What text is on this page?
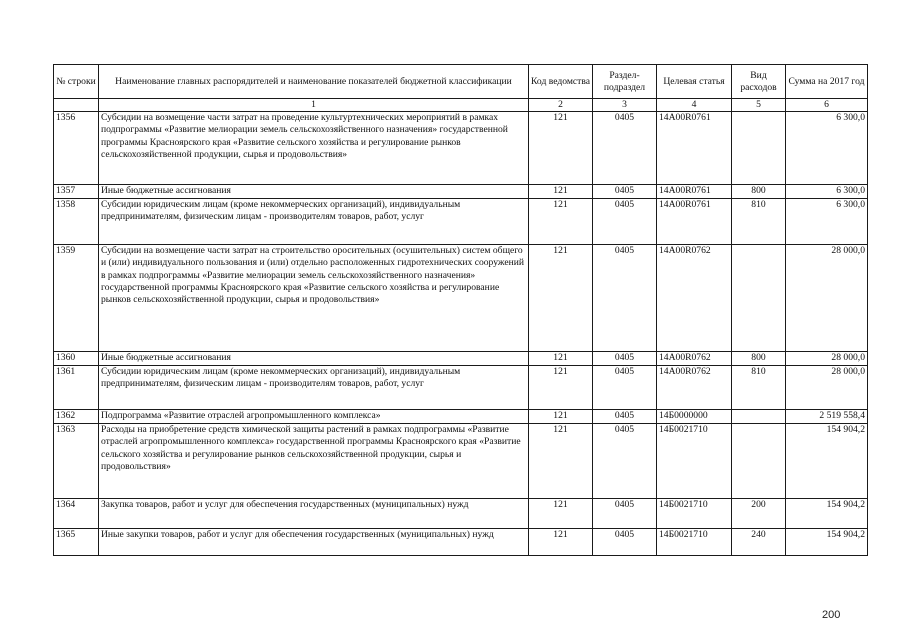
№ строки	Наименование главных распорядителей и наименование показателей бюджетной классификации	Код ведомства	Раздел-подраздел	Целевая статья	Вид расходов	Сумма на 2017 год
	1	2	3	4	5	6
1356	Субсидии на возмещение части затрат на проведение культуртехнических мероприятий в рамках подпрограммы «Развитие мелиорации земель сельскохозяйственного назначения» государственной программы Красноярского края «Развитие сельского хозяйства и регулирование рынков сельскохозяйственной продукции, сырья и продовольствия»	121	0405	14A00R0761		6 300,0
1357	Иные бюджетные ассигнования	121	0405	14A00R0761	800	6 300,0
1358	Субсидии юридическим лицам (кроме некоммерческих организаций), индивидуальным предпринимателям, физическим лицам - производителям товаров, работ, услуг	121	0405	14A00R0761	810	6 300,0
1359	Субсидии на возмещение части затрат на строительство оросительных (осушительных) систем общего и (или) индивидуального пользования и (или) отдельно расположенных гидротехнических сооружений в рамках подпрограммы «Развитие мелиорации земель сельскохозяйственного назначения» государственной программы Красноярского края «Развитие сельского хозяйства и регулирование рынков сельскохозяйственной продукции, сырья и продовольствия»	121	0405	14A00R0762		28 000,0
1360	Иные бюджетные ассигнования	121	0405	14A00R0762	800	28 000,0
1361	Субсидии юридическим лицам (кроме некоммерческих организаций), индивидуальным предпринимателям, физическим лицам - производителям товаров, работ, услуг	121	0405	14A00R0762	810	28 000,0
1362	Подпрограмма «Развитие отраслей агропромышленного комплекса»	121	0405	14Б0000000		2 519 558,4
1363	Расходы на приобретение средств химической защиты растений в рамках подпрограммы «Развитие отраслей агропромышленного комплекса» государственной программы Красноярского края «Развитие сельского хозяйства и регулирование рынков сельскохозяйственной продукции, сырья и продовольствия»	121	0405	14Б0021710		154 904,2
1364	Закупка товаров, работ и услуг для обеспечения государственных (муниципальных) нужд	121	0405	14Б0021710	200	154 904,2
1365	Иные закупки товаров, работ и услуг для обеспечения государственных (муниципальных) нужд	121	0405	14Б0021710	240	154 904,2
200
